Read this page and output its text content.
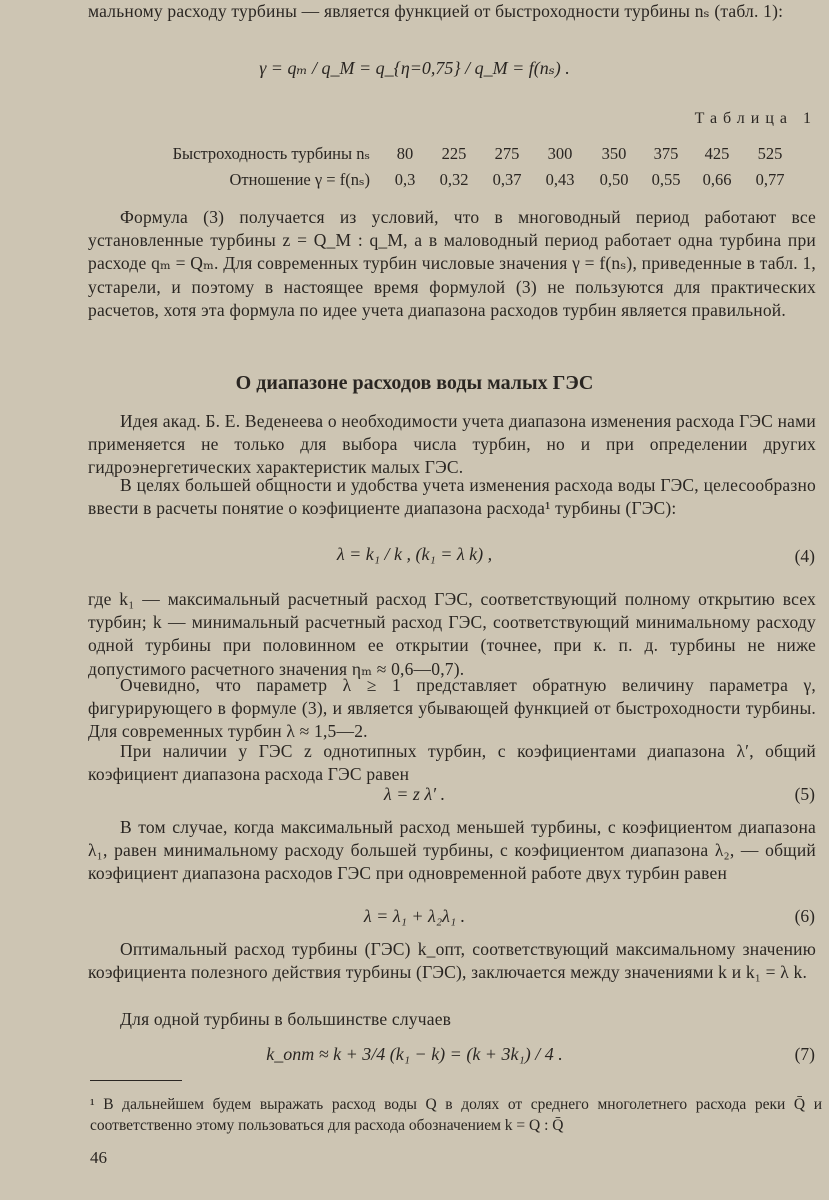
мальному расходу турбины — является функцией от быстроходности турбины nₛ (табл. 1):

γ = qₘ / q_M = q_{η=0,75} / q_M = f(nₛ) .
Таблица 1
Быстроходность турбины nₛ	80	225	275	300	350	375	425	525
Отношение γ = f(nₛ)	0,3	0,32	0,37	0,43	0,50	0,55	0,66	0,77

Формула (3) получается из условий, что в многоводный период работают все установленные турбины z = Q_M : q_M, а в маловодный период работает одна турбина при расходе qₘ = Qₘ. Для современных турбин числовые значения γ = f(nₛ), приведенные в табл. 1, устарели, и поэтому в настоящее время формулой (3) не пользуются для практических расчетов, хотя эта формула по идее учета диапазона расходов турбин является правильной.

О диапазоне расходов воды малых ГЭС

Идея акад. Б. Е. Веденеева о необходимости учета диапазона изменения расхода ГЭС нами применяется не только для выбора числа турбин, но и при определении других гидроэнергетических характеристик малых ГЭС.

В целях большей общности и удобства учета изменения расхода воды ГЭС, целесообразно ввести в расчеты понятие о коэфициенте диапазона расхода¹ турбины (ГЭС):

λ = k₁ / k , (k₁ = λ k) ,	(4)

где k₁ — максимальный расчетный расход ГЭС, соответствующий полному открытию всех турбин; k — минимальный расчетный расход ГЭС, соответствующий минимальному расходу одной турбины при половинном ее открытии (точнее, при к. п. д. турбины не ниже допустимого расчетного значения ηₘ ≈ 0,6—0,7).

Очевидно, что параметр λ ≥ 1 представляет обратную величину параметра γ, фигурирующего в формуле (3), и является убывающей функцией от быстроходности турбины. Для современных турбин λ ≈ 1,5—2.

При наличии у ГЭС z однотипных турбин, с коэфициентами диапазона λ′, общий коэфициент диапазона расхода ГЭС равен

λ = z λ′ .	(5)

В том случае, когда максимальный расход меньшей турбины, с коэфициентом диапазона λ₁, равен минимальному расходу большей турбины, с коэфициентом диапазона λ₂, — общий коэфициент диапазона расходов ГЭС при одновременной работе двух турбин равен

λ = λ₁ + λ₂λ₁ .	(6)

Оптимальный расход турбины (ГЭС) k_опт, соответствующий максимальному значению коэфициента полезного действия турбины (ГЭС), заключается между значениями k и k₁ = λ k.

Для одной турбины в большинстве случаев

k_опт ≈ k + 3/4 (k₁ − k) = (k + 3k₁) / 4 .	(7)

¹ В дальнейшем будем выражать расход воды Q в долях от среднего многолетнего расхода реки Q̄ и соответственно этому пользоваться для расхода обозначением k = Q : Q̄

46
